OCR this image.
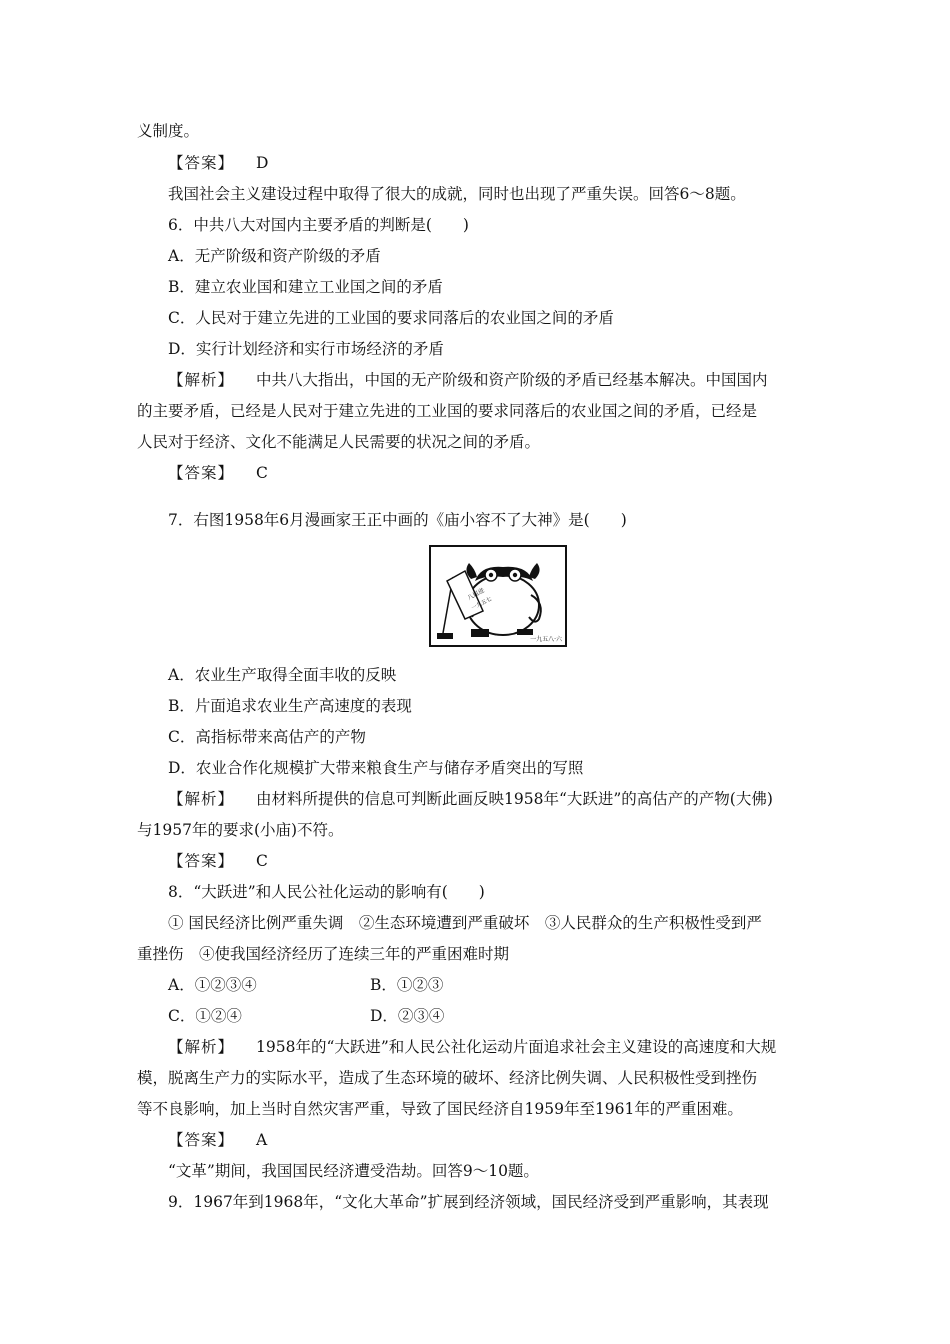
义制度。
【答案】 D
我国社会主义建设过程中取得了很大的成就，同时也出现了严重失误。回答6～8题。
6．中共八大对国内主要矛盾的判断是(　　)
A．无产阶级和资产阶级的矛盾
B．建立农业国和建立工业国之间的矛盾
C．人民对于建立先进的工业国的要求同落后的农业国之间的矛盾
D．实行计划经济和实行市场经济的矛盾
【解析】 中共八大指出，中国的无产阶级和资产阶级的矛盾已经基本解决。中国国内
的主要矛盾，已经是人民对于建立先进的工业国的要求同落后的农业国之间的矛盾，已经是
人民对于经济、文化不能满足人民需要的状况之间的矛盾。
【答案】 C
7．右图1958年6月漫画家王正中画的《庙小容不了大神》是(　　)
八届进
一九五七
一九五八·六
A．农业生产取得全面丰收的反映
B．片面追求农业生产高速度的表现
C．高指标带来高估产的产物
D．农业合作化规模扩大带来粮食生产与储存矛盾突出的写照
【解析】 由材料所提供的信息可判断此画反映1958年“大跃进”的高估产的产物(大佛)
与1957年的要求(小庙)不符。
【答案】 C
8．“大跃进”和人民公社化运动的影响有(　　)
① 国民经济比例严重失调　②生态环境遭到严重破坏　③人民群众的生产积极性受到严
重挫伤　④使我国经济经历了连续三年的严重困难时期
A．①②③④	B．①②③
C．①②④	D．②③④
【解析】 1958年的“大跃进”和人民公社化运动片面追求社会主义建设的高速度和大规
模，脱离生产力的实际水平，造成了生态环境的破坏、经济比例失调、人民积极性受到挫伤
等不良影响，加上当时自然灾害严重，导致了国民经济自1959年至1961年的严重困难。
【答案】 A
“文革”期间，我国国民经济遭受浩劫。回答9～10题。
9．1967年到1968年，“文化大革命”扩展到经济领域，国民经济受到严重影响，其表现
